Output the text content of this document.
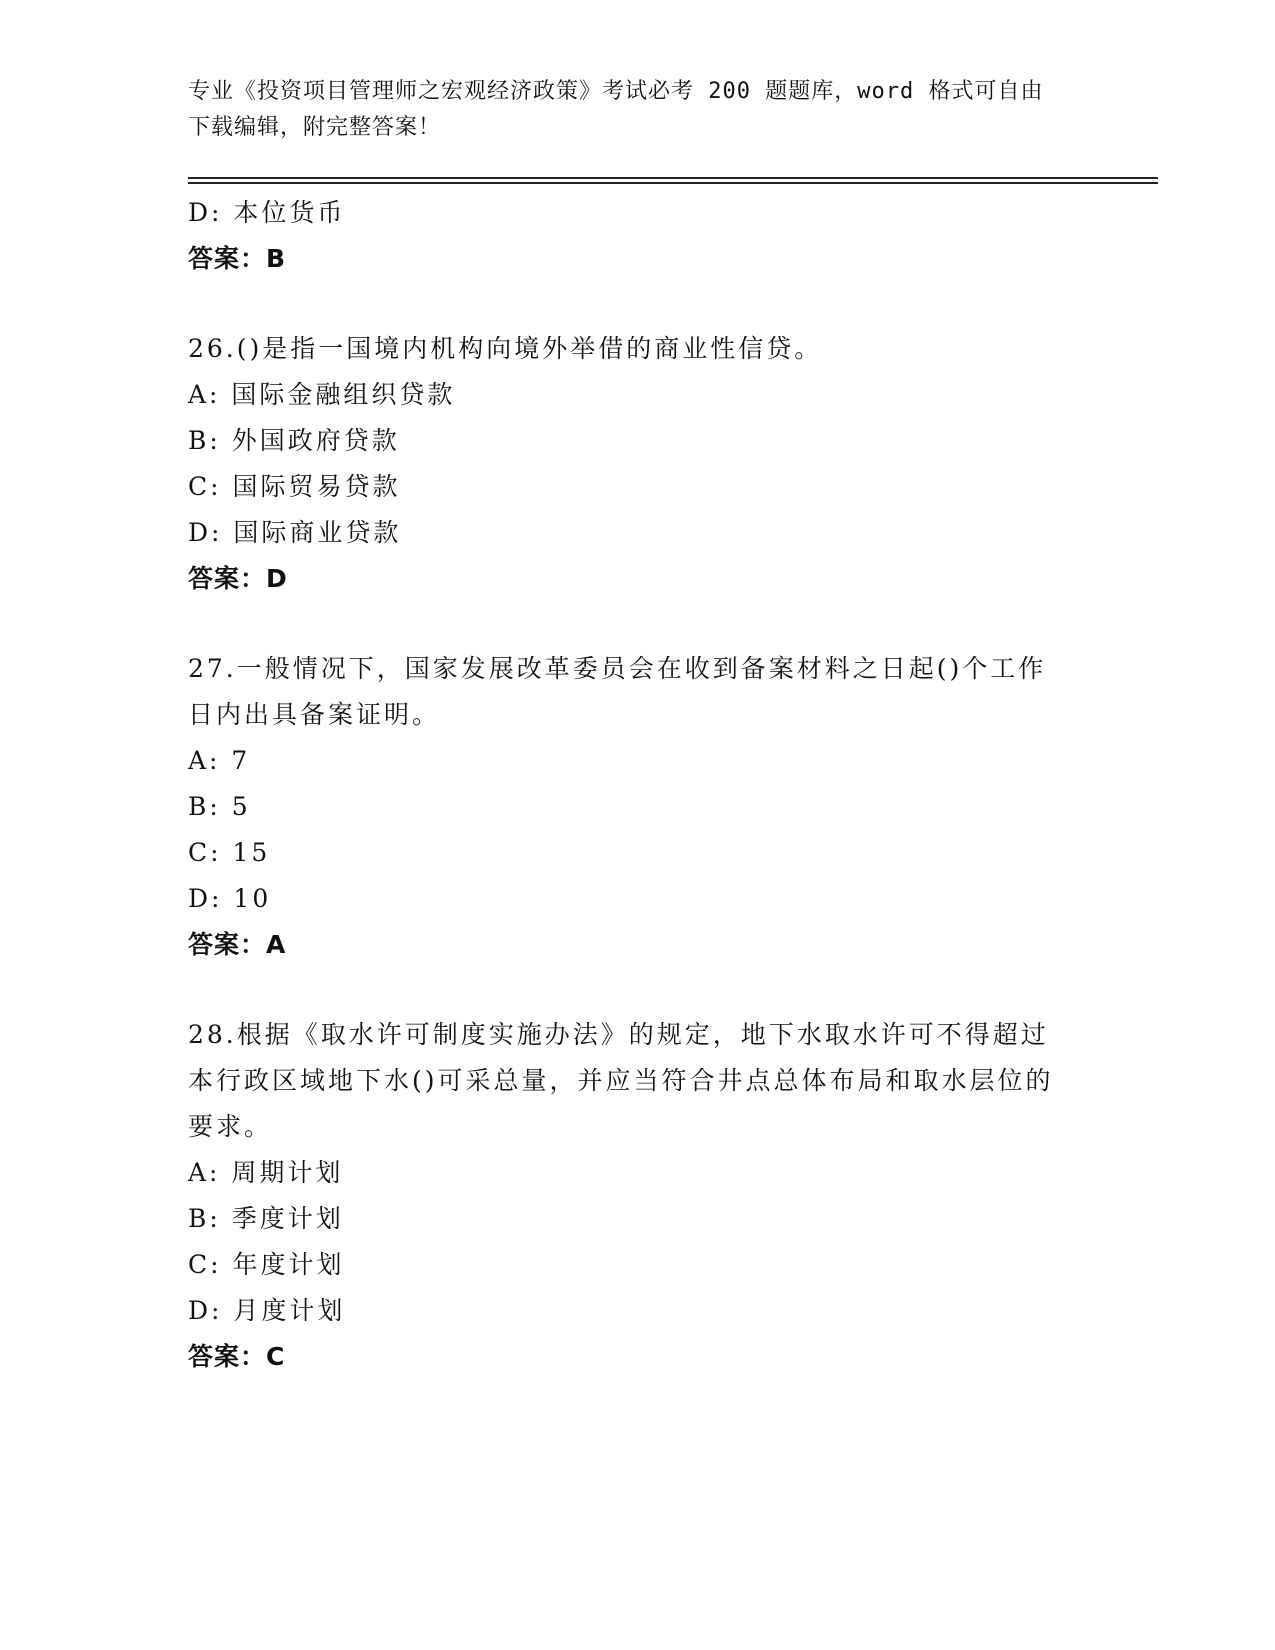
专业《投资项目管理师之宏观经济政策》考试必考 200 题题库，word 格式可自由
下载编辑，附完整答案！
D: 本位货币
答案：B
26.()是指一国境内机构向境外举借的商业性信贷。
A: 国际金融组织贷款
B: 外国政府贷款
C: 国际贸易贷款
D: 国际商业贷款
答案：D
27.一般情况下，国家发展改革委员会在收到备案材料之日起()个工作日内出具备案证明。
A: 7
B: 5
C: 15
D: 10
答案：A
28.根据《取水许可制度实施办法》的规定，地下水取水许可不得超过本行政区域地下水()可采总量，并应当符合井点总体布局和取水层位的要求。
A: 周期计划
B: 季度计划
C: 年度计划
D: 月度计划
答案：C
